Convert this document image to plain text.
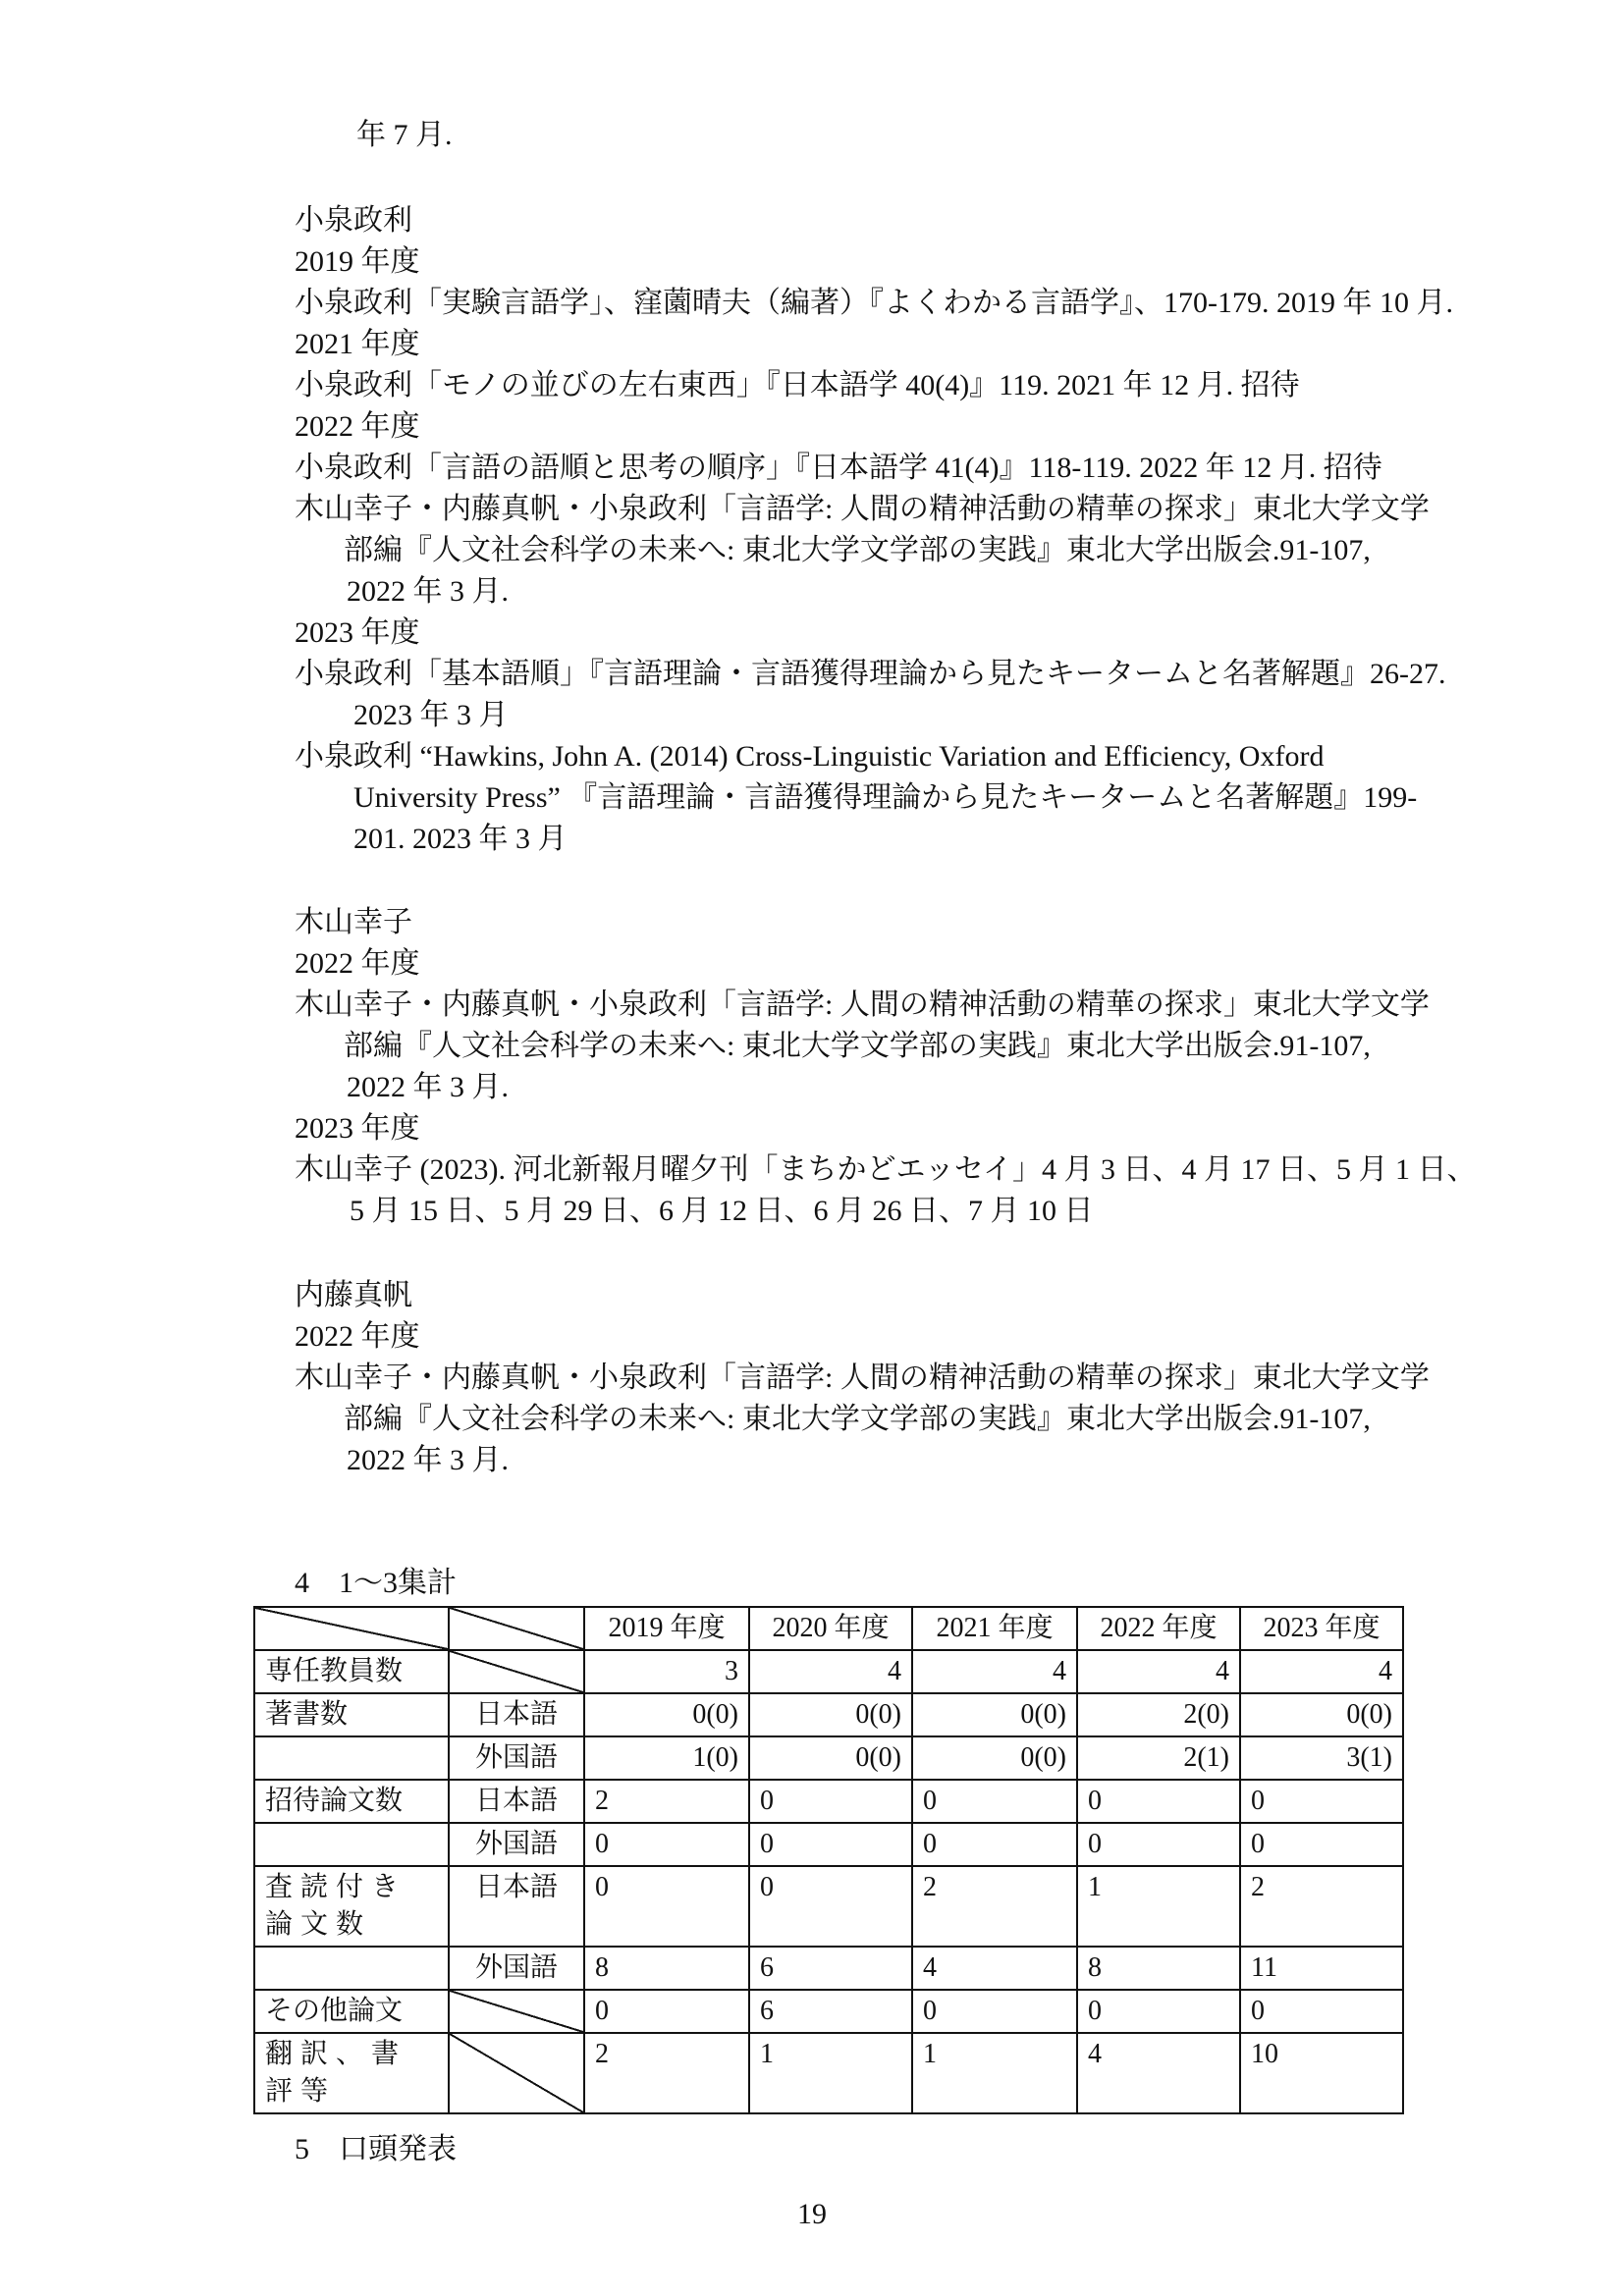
年 7 月.
小泉政利
2019 年度
小泉政利「実験言語学」、窪薗晴夫（編著）『よくわかる言語学』、170-179. 2019 年 10 月.
2021 年度
小泉政利「モノの並びの左右東西」『日本語学 40(4)』119. 2021 年 12 月. 招待
2022 年度
小泉政利「言語の語順と思考の順序」『日本語学 41(4)』118-119. 2022 年 12 月. 招待
木山幸子・内藤真帆・小泉政利「言語学: 人間の精神活動の精華の探求」東北大学文学
部編『人文社会科学の未来へ: 東北大学文学部の実践』東北大学出版会.91-107,
2022 年 3 月.
2023 年度
小泉政利「基本語順」『言語理論・言語獲得理論から見たキータームと名著解題』26-27.
2023 年 3 月
小泉政利 “Hawkins, John A. (2014) Cross-Linguistic Variation and Efficiency, Oxford
University Press” 『言語理論・言語獲得理論から見たキータームと名著解題』199-
201. 2023 年 3 月
木山幸子
2022 年度
木山幸子・内藤真帆・小泉政利「言語学: 人間の精神活動の精華の探求」東北大学文学
部編『人文社会科学の未来へ: 東北大学文学部の実践』東北大学出版会.91-107,
2022 年 3 月.
2023 年度
木山幸子 (2023). 河北新報月曜夕刊「まちかどエッセイ」4 月 3 日、4 月 17 日、5 月 1 日、
5 月 15 日、5 月 29 日、6 月 12 日、6 月 26 日、7 月 10 日
内藤真帆
2022 年度
木山幸子・内藤真帆・小泉政利「言語学: 人間の精神活動の精華の探求」東北大学文学
部編『人文社会科学の未来へ: 東北大学文学部の実践』東北大学出版会.91-107,
2022 年 3 月.
4　1～3集計
		2019 年度	2020 年度	2021 年度	2022 年度	2023 年度
専任教員数		3	4	4	4	4
著書数	日本語	0(0)	0(0)	0(0)	2(0)	0(0)
	外国語	1(0)	0(0)	0(0)	2(1)	3(1)
招待論文数	日本語	2	0	0	0	0
	外国語	0	0	0	0	0
査読付き論文数	日本語	0	0	2	1	2
	外国語	8	6	4	8	11
その他論文		0	6	0	0	0
翻訳、書評等		2	1	1	4	10
5　口頭発表
19
